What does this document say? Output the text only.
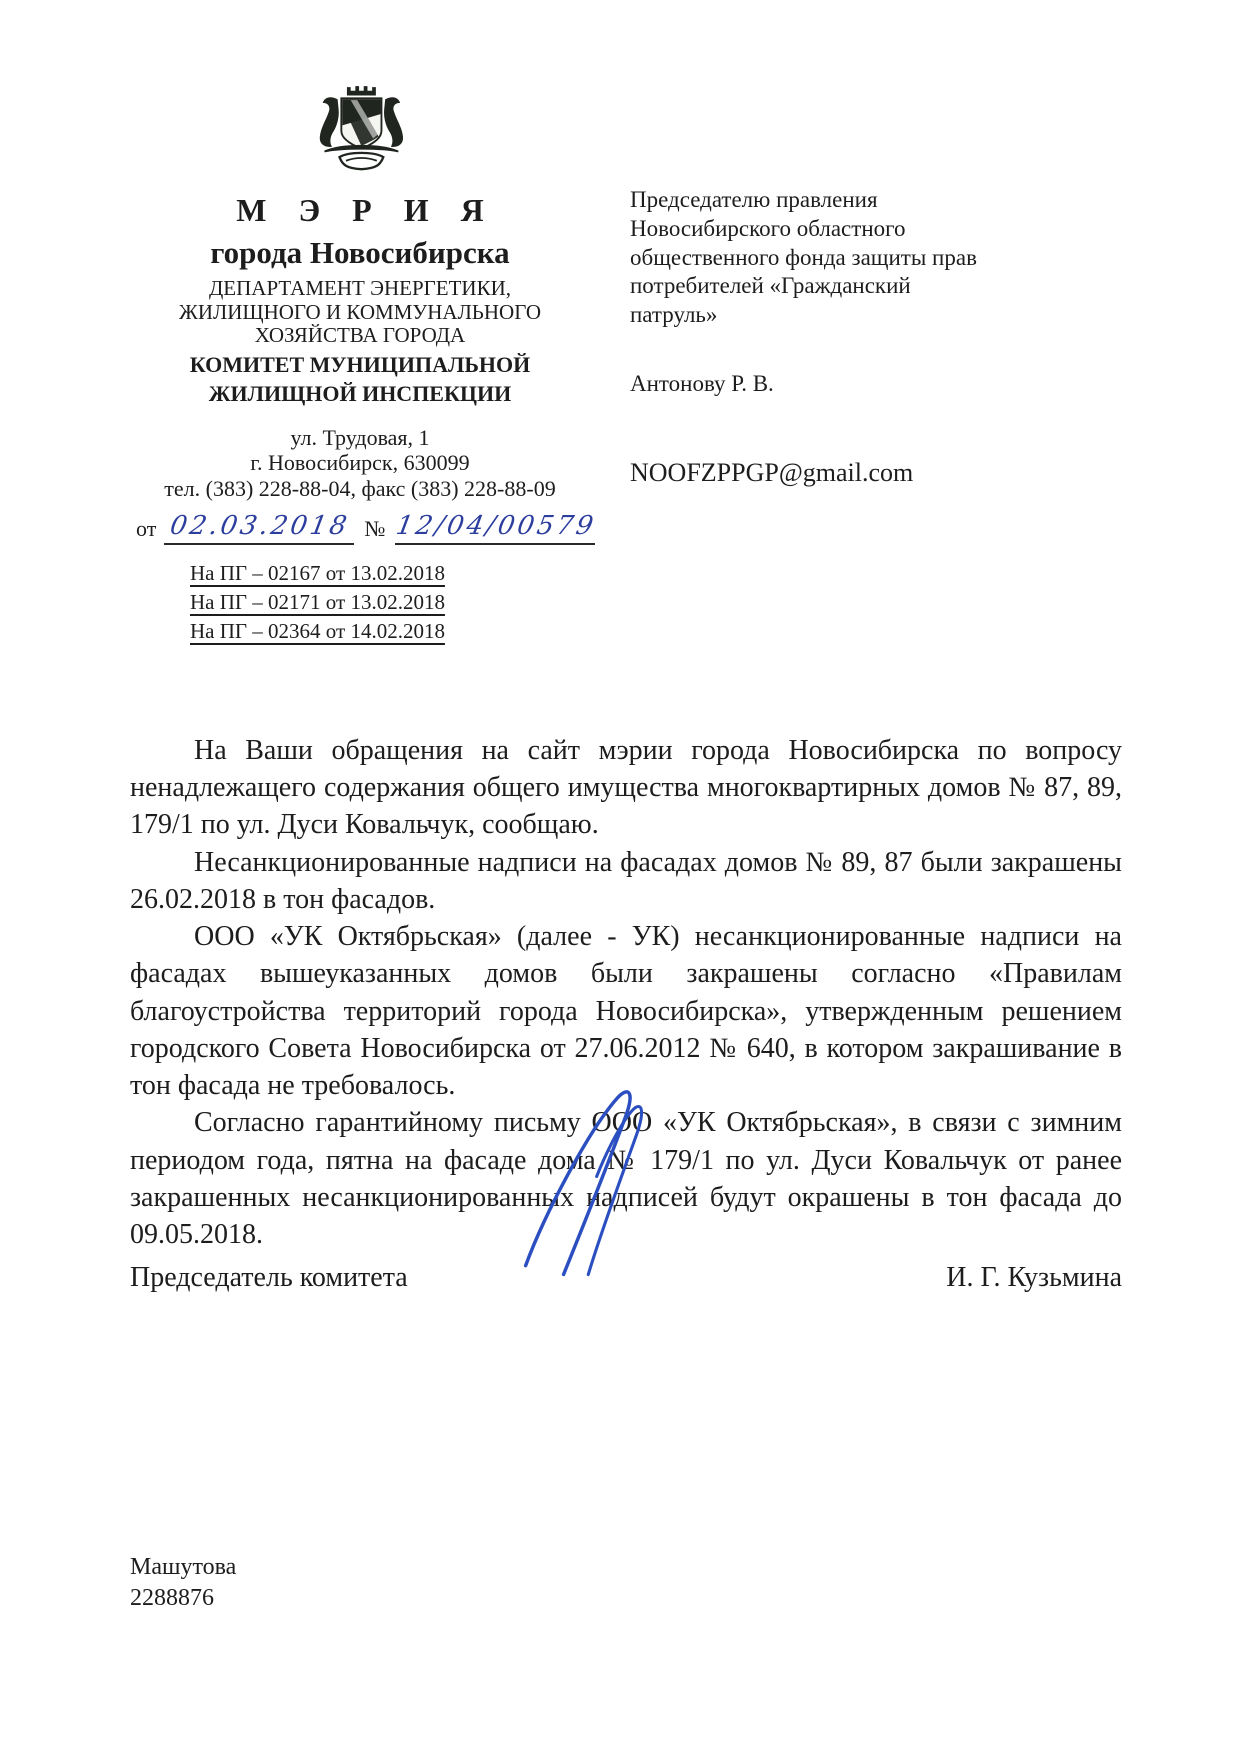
М Э Р И Я
города Новосибирска
ДЕПАРТАМЕНТ ЭНЕРГЕТИКИ,
ЖИЛИЩНОГО И КОММУНАЛЬНОГО
ХОЗЯЙСТВА ГОРОДА
КОМИТЕТ МУНИЦИПАЛЬНОЙ
ЖИЛИЩНОЙ ИНСПЕКЦИИ
ул. Трудовая, 1
г. Новосибирск, 630099
тел. (383) 228-88-04, факс (383) 228-88-09
от 02.03.2018 № 12/04/00579
На ПГ – 02167 от 13.02.2018
На ПГ – 02171 от 13.02.2018
На ПГ – 02364 от 14.02.2018
Председателю правления
Новосибирского областного
общественного фонда защиты прав
потребителей «Гражданский
патруль»
Антонову Р. В.
NOOFZPPGP@gmail.com

На Ваши обращения на сайт мэрии города Новосибирска по вопросу ненадлежащего содержания общего имущества многоквартирных домов № 87, 89, 179/1 по ул. Дуси Ковальчук, сообщаю.

Несанкционированные надписи на фасадах домов № 89, 87 были закрашены 26.02.2018 в тон фасадов.

ООО «УК Октябрьская» (далее - УК) несанкционированные надписи на фасадах вышеуказанных домов были закрашены согласно «Правилам благоустройства территорий города Новосибирска», утвержденным решением городского Совета Новосибирска от 27.06.2012 № 640, в котором закрашивание в тон фасада не требовалось.

Согласно гарантийному письму ООО «УК Октябрьская», в связи с зимним периодом года, пятна на фасаде дома № 179/1 по ул. Дуси Ковальчук от ранее закрашенных несанкционированных надписей будут окрашены в тон фасада до 09.05.2018.

Председатель комитета	И. Г. Кузьмина
Машутова
2288876
